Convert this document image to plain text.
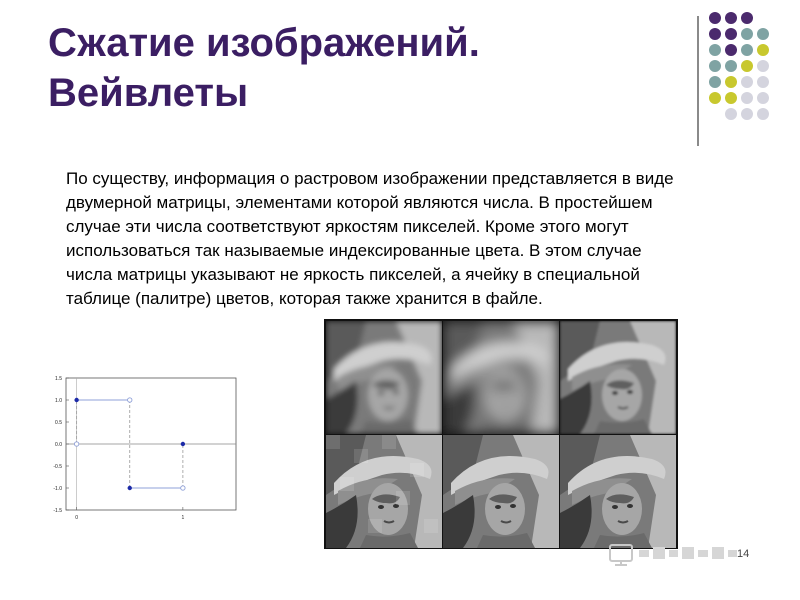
Сжатие изображений.
Вейвлеты
По существу, информация о растровом изображении представляется в виде
двумерной матрицы, элементами которой являются числа. В простейшем
случае эти числа соответствуют яркостям пикселей. Кроме этого могут
использоваться так называемые индексированные цвета. В этом случае
числа матрицы указывают не яркость пикселей, а ячейку в специальной
таблице (палитре) цветов, которая также хранится в файле.
1.5
1.0
0.5
0.0
-0.5
-1.0
-1.5
0	1
14
